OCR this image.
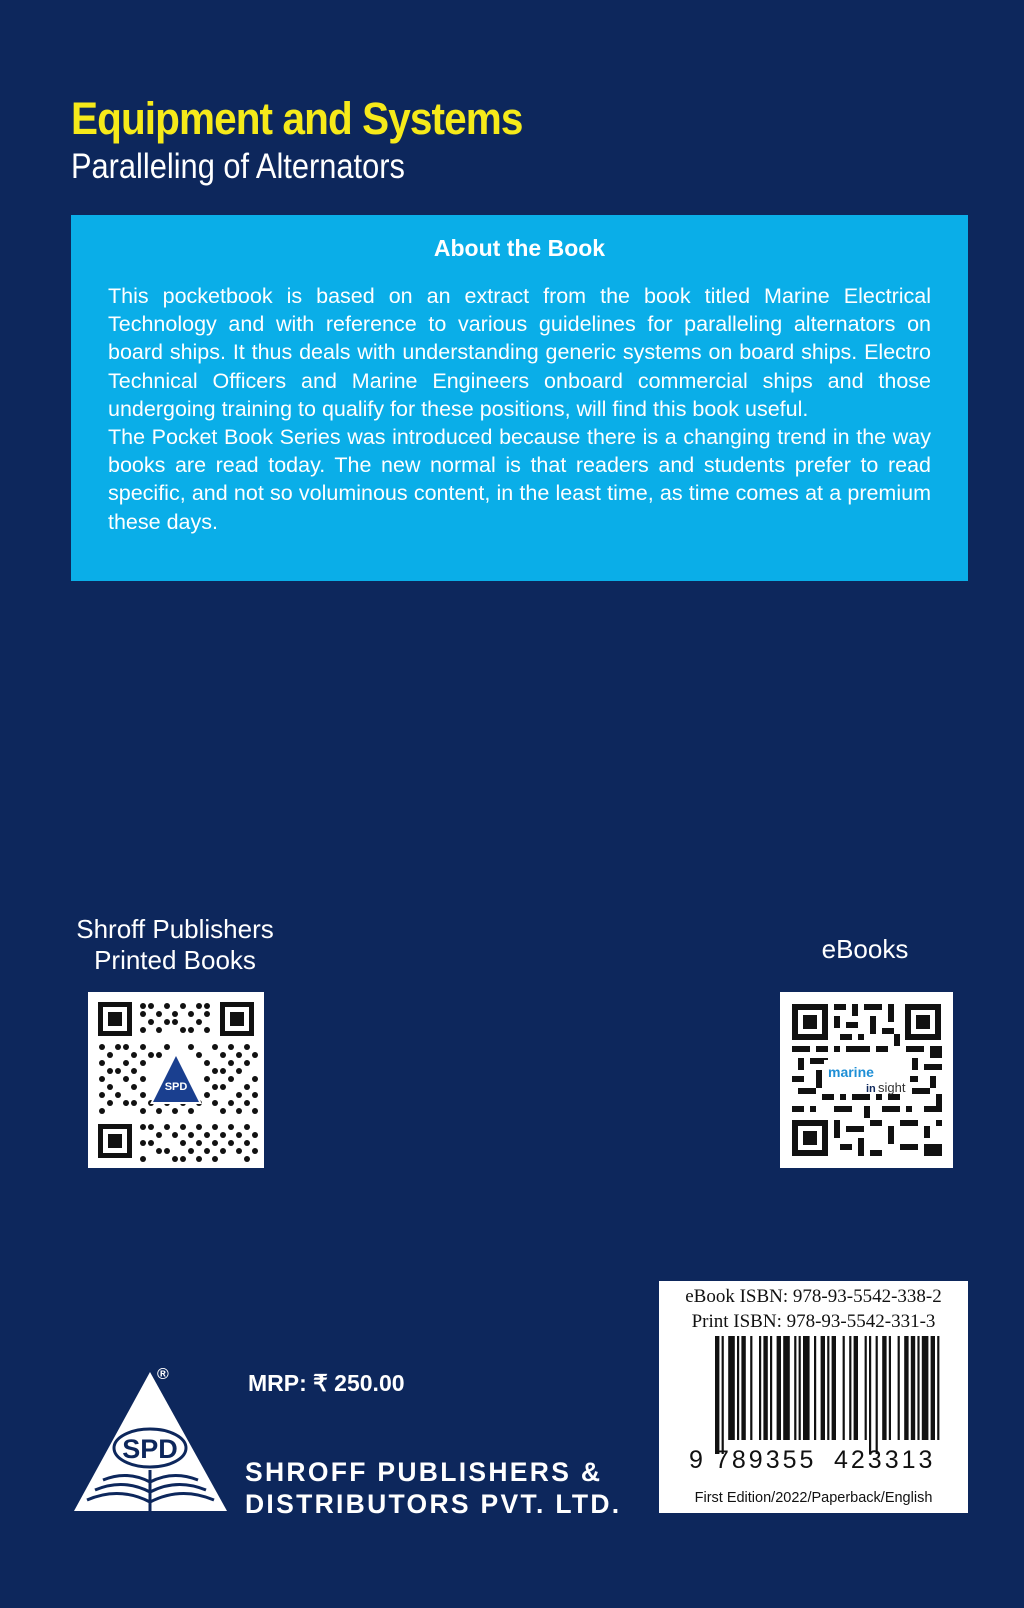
Equipment and Systems
Paralleling of Alternators
About the Book

This pocketbook is based on an extract from the book titled Marine Electrical Technology and with reference to various guidelines for paralleling alternators on board ships. It thus deals with understanding generic systems on board ships. Electro Technical Officers and Marine Engineers onboard commercial ships and those undergoing training to qualify for these positions, will find this book useful.

The Pocket Book Series was introduced because there is a changing trend in the way books are read today. The new normal is that readers and students prefer to read specific, and not so voluminous content, in the least time, as time comes at a premium these days.

Shroff Publishers
Printed Books
SPD
eBooks
marine
in sight
SPD
®	MRP: ₹ 250.00
SHROFF PUBLISHERS &
DISTRIBUTORS PVT. LTD.
eBook ISBN: 978-93-5542-338-2
Print ISBN: 978-93-5542-331-3
9 789355 423313
First Edition/2022/Paperback/English
